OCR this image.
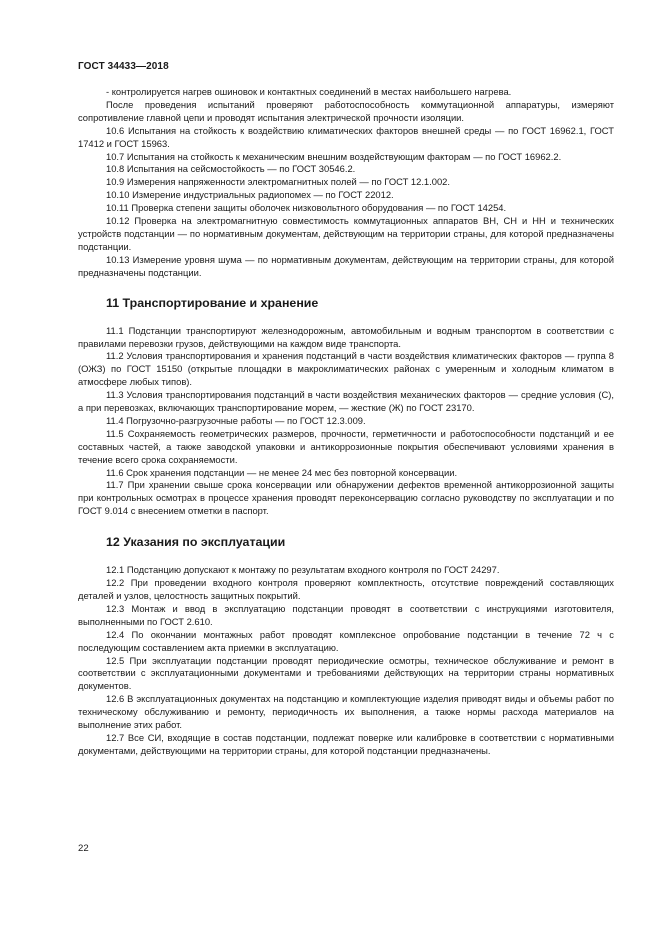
ГОСТ 34433—2018

- контролируется нагрев ошиновок и контактных соединений в местах наибольшего нагрева.

После проведения испытаний проверяют работоспособность коммутационной аппаратуры, измеряют сопротивление главной цепи и проводят испытания электрической прочности изоляции.

10.6 Испытания на стойкость к воздействию климатических факторов внешней среды — по ГОСТ 16962.1, ГОСТ 17412 и ГОСТ 15963.

10.7 Испытания на стойкость к механическим внешним воздействующим факторам — по ГОСТ 16962.2.

10.8 Испытания на сейсмостойкость — по ГОСТ 30546.2.

10.9 Измерения напряженности электромагнитных полей — по ГОСТ 12.1.002.

10.10 Измерение индустриальных радиопомех — по ГОСТ 22012.

10.11 Проверка степени защиты оболочек низковольтного оборудования — по ГОСТ 14254.

10.12 Проверка на электромагнитную совместимость коммутационных аппаратов ВН, СН и НН и технических устройств подстанции — по нормативным документам, действующим на территории страны, для которой предназначены подстанции.

10.13 Измерение уровня шума — по нормативным документам, действующим на территории страны, для которой предназначены подстанции.

11 Транспортирование и хранение

11.1 Подстанции транспортируют железнодорожным, автомобильным и водным транспортом в соответствии с правилами перевозки грузов, действующими на каждом виде транспорта.

11.2 Условия транспортирования и хранения подстанций в части воздействия климатических факторов — группа 8 (ОЖЗ) по ГОСТ 15150 (открытые площадки в макроклиматических районах с умеренным и холодным климатом в атмосфере любых типов).

11.3 Условия транспортирования подстанций в части воздействия механических факторов — средние условия (С), а при перевозках, включающих транспортирование морем, — жесткие (Ж) по ГОСТ 23170.

11.4 Погрузочно-разгрузочные работы — по ГОСТ 12.3.009.

11.5 Сохраняемость геометрических размеров, прочности, герметичности и работоспособности подстанций и ее составных частей, а также заводской упаковки и антикоррозионные покрытия обеспечивают условиями хранения в течение всего срока сохраняемости.

11.6 Срок хранения подстанции — не менее 24 мес без повторной консервации.

11.7 При хранении свыше срока консервации или обнаружении дефектов временной антикоррозионной защиты при контрольных осмотрах в процессе хранения проводят переконсервацию согласно руководству по эксплуатации и по ГОСТ 9.014 с внесением отметки в паспорт.

12 Указания по эксплуатации

12.1 Подстанцию допускают к монтажу по результатам входного контроля по ГОСТ 24297.

12.2 При проведении входного контроля проверяют комплектность, отсутствие повреждений составляющих деталей и узлов, целостность защитных покрытий.

12.3 Монтаж и ввод в эксплуатацию подстанции проводят в соответствии с инструкциями изготовителя, выполненными по ГОСТ 2.610.

12.4 По окончании монтажных работ проводят комплексное опробование подстанции в течение 72 ч с последующим составлением акта приемки в эксплуатацию.

12.5 При эксплуатации подстанции проводят периодические осмотры, техническое обслуживание и ремонт в соответствии с эксплуатационными документами и требованиями действующих на территории страны нормативных документов.

12.6 В эксплуатационных документах на подстанцию и комплектующие изделия приводят виды и объемы работ по техническому обслуживанию и ремонту, периодичность их выполнения, а также нормы расхода материалов на выполнение этих работ.

12.7 Все СИ, входящие в состав подстанции, подлежат поверке или калибровке в соответствии с нормативными документами, действующими на территории страны, для которой подстанции предназначены.

22
